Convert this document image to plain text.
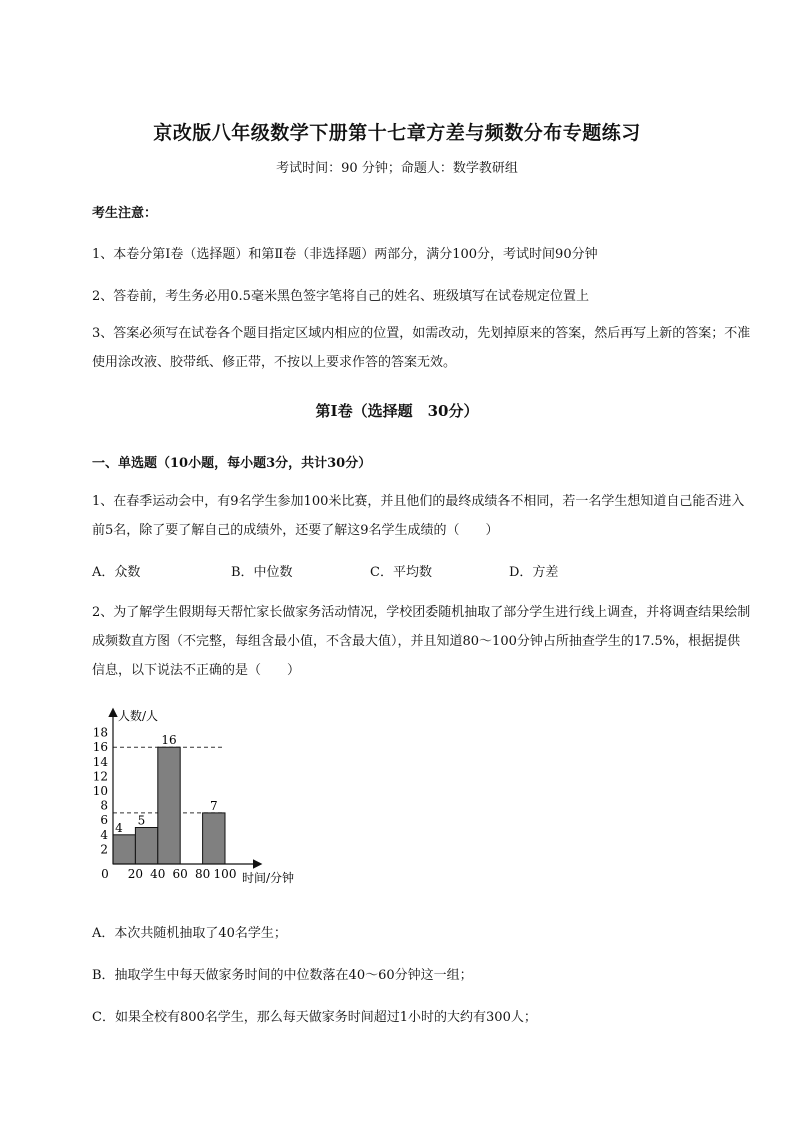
京改版八年级数学下册第十七章方差与频数分布专题练习
考试时间：90 分钟；命题人：数学教研组
考生注意：
1、本卷分第Ⅰ卷（选择题）和第Ⅱ卷（非选择题）两部分，满分100分，考试时间90分钟
2、答卷前，考生务必用0.5毫米黑色签字笔将自己的姓名、班级填写在试卷规定位置上
3、答案必须写在试卷各个题目指定区域内相应的位置，如需改动，先划掉原来的答案，然后再写上新的答案；不准使用涂改液、胶带纸、修正带，不按以上要求作答的答案无效。
第Ⅰ卷（选择题　30分）
一、单选题（10小题，每小题3分，共计30分）
1、在春季运动会中，有9名学生参加100米比赛，并且他们的最终成绩各不相同，若一名学生想知道自己能否进入前5名，除了要了解自己的成绩外，还要了解这9名学生成绩的（　　）
A．众数	B．中位数	C．平均数	D．方差
2、为了解学生假期每天帮忙家长做家务活动情况，学校团委随机抽取了部分学生进行线上调查，并将调查结果绘制成频数直方图（不完整，每组含最小值，不含最大值），并且知道80～100分钟占所抽查学生的17.5%，根据提供信息，以下说法不正确的是（　　）
2
4
6
8
10
12
14
16
18
0 20 40 60 80 100
4
5
16
7
人数/人
时间/分钟
A．本次共随机抽取了40名学生；
B．抽取学生中每天做家务时间的中位数落在40～60分钟这一组；
C．如果全校有800名学生，那么每天做家务时间超过1小时的大约有300人；
